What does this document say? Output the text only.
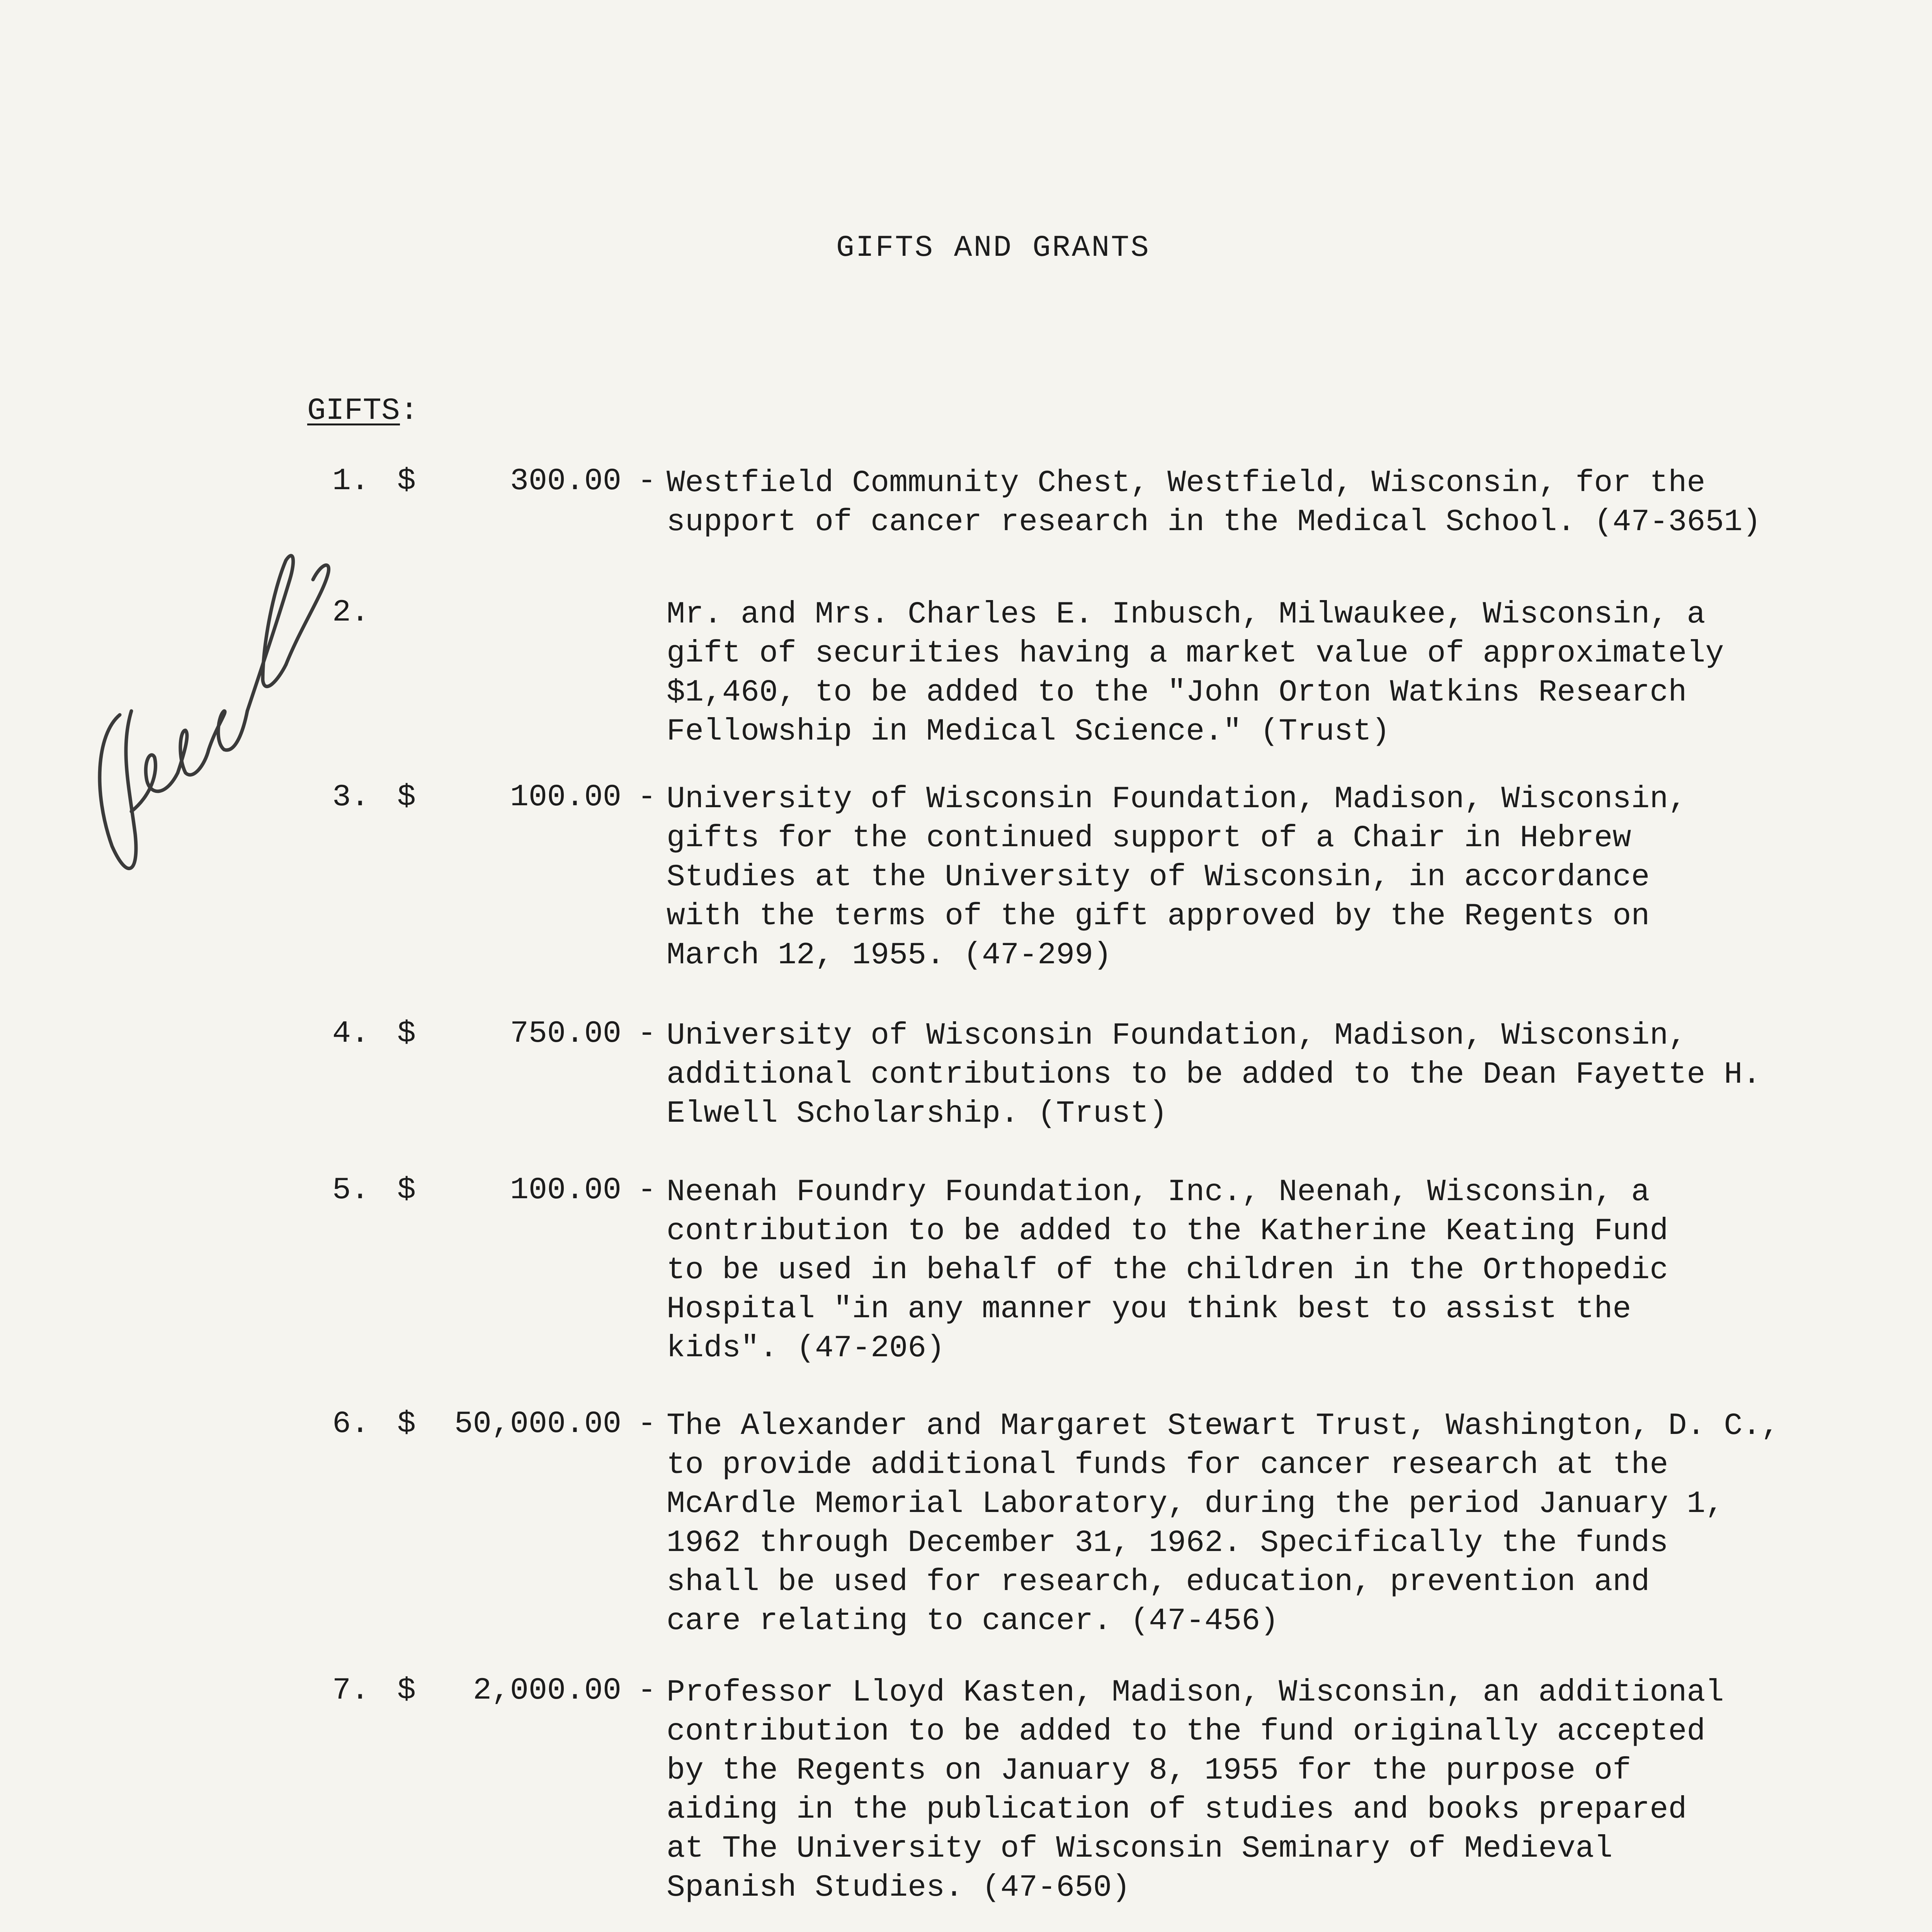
GIFTS AND GRANTS
GIFTS:
1. $	300.00 - Westfield Community Chest, Westfield, Wisconsin, for the
support of cancer research in the Medical School. (47-3651)
2.	Mr. and Mrs. Charles E. Inbusch, Milwaukee, Wisconsin, a
gift of securities having a market value of approximately
$1,460, to be added to the "John Orton Watkins Research
Fellowship in Medical Science." (Trust)
3. $	100.00 - University of Wisconsin Foundation, Madison, Wisconsin,
gifts for the continued support of a Chair in Hebrew
Studies at the University of Wisconsin, in accordance
with the terms of the gift approved by the Regents on
March 12, 1955. (47-299)
4. $	750.00 - University of Wisconsin Foundation, Madison, Wisconsin,
additional contributions to be added to the Dean Fayette H.
Elwell Scholarship. (Trust)
5. $	100.00 - Neenah Foundry Foundation, Inc., Neenah, Wisconsin, a
contribution to be added to the Katherine Keating Fund
to be used in behalf of the children in the Orthopedic
Hospital "in any manner you think best to assist the
kids". (47-206)
6. $ 50,000.00 - The Alexander and Margaret Stewart Trust, Washington, D. C.,
to provide additional funds for cancer research at the
McArdle Memorial Laboratory, during the period January 1,
1962 through December 31, 1962. Specifically the funds
shall be used for research, education, prevention and
care relating to cancer. (47-456)
7. $ 2,000.00 - Professor Lloyd Kasten, Madison, Wisconsin, an additional
contribution to be added to the fund originally accepted
by the Regents on January 8, 1955 for the purpose of
aiding in the publication of studies and books prepared
at The University of Wisconsin Seminary of Medieval
Spanish Studies. (47-650)
